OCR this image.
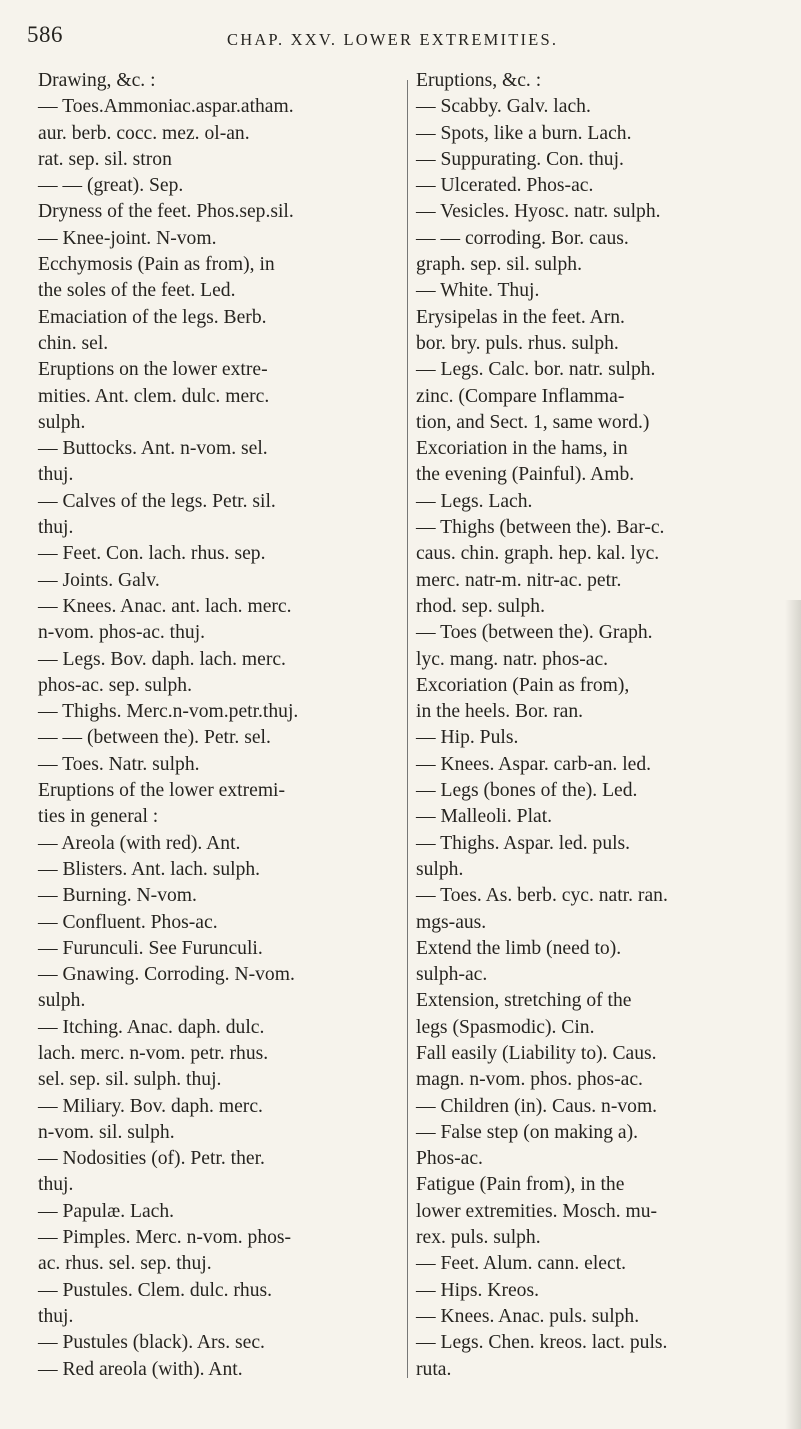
586	CHAP. XXV. LOWER EXTREMITIES.
Drawing, &c. :
— Toes.Ammoniac.aspar.atham.
aur. berb. cocc. mez. ol-an.
rat. sep. sil. stron
— — (great). Sep.
Dryness of the feet. Phos.sep.sil.
— Knee-joint. N-vom.
Ecchymosis (Pain as from), in
the soles of the feet. Led.
Emaciation of the legs. Berb.
chin. sel.
Eruptions on the lower extre-
mities. Ant. clem. dulc. merc.
sulph.
— Buttocks. Ant. n-vom. sel.
thuj.
— Calves of the legs. Petr. sil.
thuj.
— Feet. Con. lach. rhus. sep.
— Joints. Galv.
— Knees. Anac. ant. lach. merc.
n-vom. phos-ac. thuj.
— Legs. Bov. daph. lach. merc.
phos-ac. sep. sulph.
— Thighs. Merc.n-vom.petr.thuj.
— — (between the). Petr. sel.
— Toes. Natr. sulph.
Eruptions of the lower extremi-
ties in general :
— Areola (with red). Ant.
— Blisters. Ant. lach. sulph.
— Burning. N-vom.
— Confluent. Phos-ac.
— Furunculi. See Furunculi.
— Gnawing. Corroding. N-vom.
sulph.
— Itching. Anac. daph. dulc.
lach. merc. n-vom. petr. rhus.
sel. sep. sil. sulph. thuj.
— Miliary. Bov. daph. merc.
n-vom. sil. sulph.
— Nodosities (of). Petr. ther.
thuj.
— Papulæ. Lach.
— Pimples. Merc. n-vom. phos-
ac. rhus. sel. sep. thuj.
— Pustules. Clem. dulc. rhus.
thuj.
— Pustules (black). Ars. sec.
— Red areola (with). Ant.
Eruptions, &c. :
— Scabby. Galv. lach.
— Spots, like a burn. Lach.
— Suppurating. Con. thuj.
— Ulcerated. Phos-ac.
— Vesicles. Hyosc. natr. sulph.
— — corroding. Bor. caus.
graph. sep. sil. sulph.
— White. Thuj.
Erysipelas in the feet. Arn.
bor. bry. puls. rhus. sulph.
— Legs. Calc. bor. natr. sulph.
zinc. (Compare Inflamma-
tion, and Sect. 1, same word.)
Excoriation in the hams, in
the evening (Painful). Amb.
— Legs. Lach.
— Thighs (between the). Bar-c.
caus. chin. graph. hep. kal. lyc.
merc. natr-m. nitr-ac. petr.
rhod. sep. sulph.
— Toes (between the). Graph.
lyc. mang. natr. phos-ac.
Excoriation (Pain as from),
in the heels. Bor. ran.
— Hip. Puls.
— Knees. Aspar. carb-an. led.
— Legs (bones of the). Led.
— Malleoli. Plat.
— Thighs. Aspar. led. puls.
sulph.
— Toes. As. berb. cyc. natr. ran.
mgs-aus.
Extend the limb (need to).
sulph-ac.
Extension, stretching of the
legs (Spasmodic). Cin.
Fall easily (Liability to). Caus.
magn. n-vom. phos. phos-ac.
— Children (in). Caus. n-vom.
— False step (on making a).
Phos-ac.
Fatigue (Pain from), in the
lower extremities. Mosch. mu-
rex. puls. sulph.
— Feet. Alum. cann. elect.
— Hips. Kreos.
— Knees. Anac. puls. sulph.
— Legs. Chen. kreos. lact. puls.
ruta.
